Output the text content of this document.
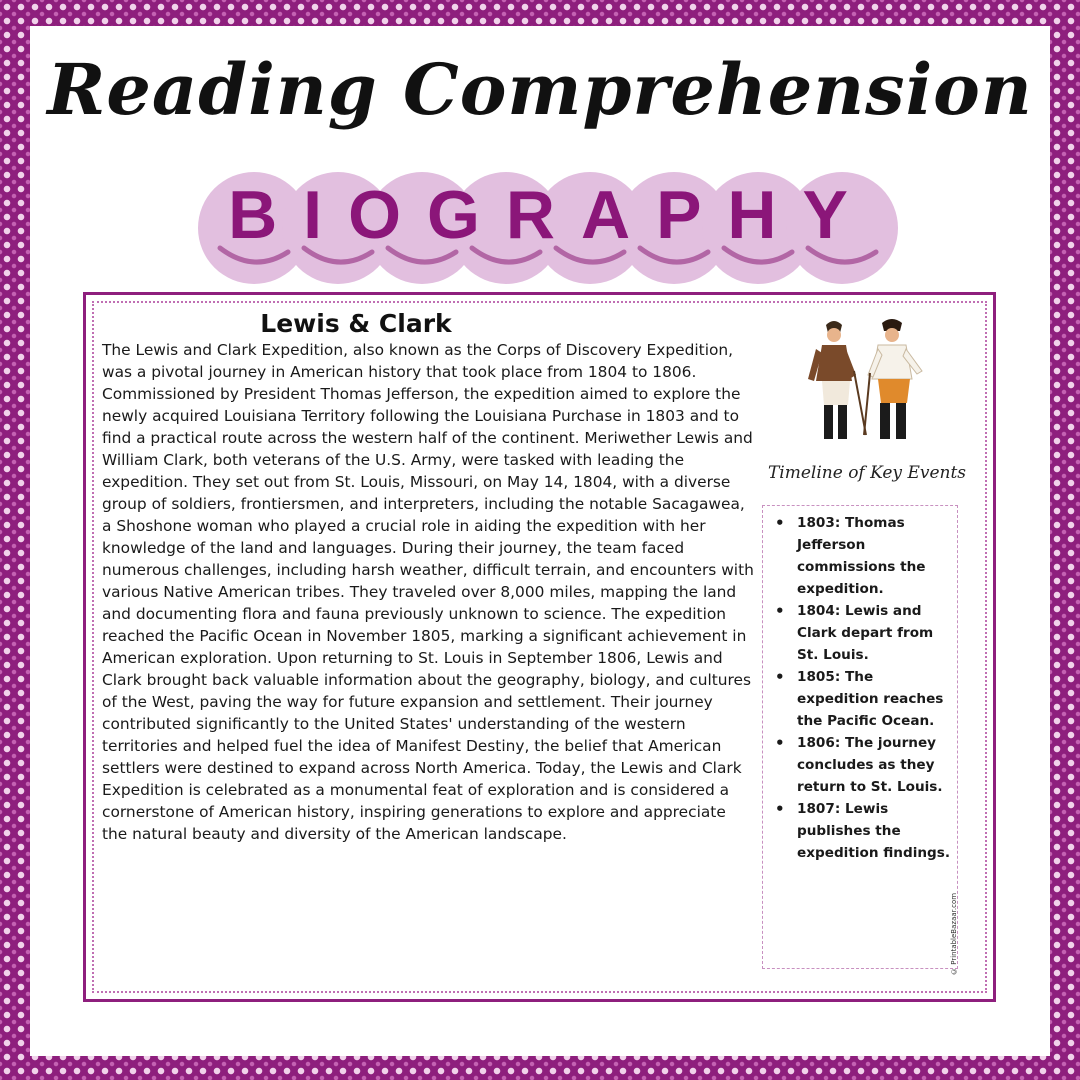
Reading Comprehension
BIOGRAPHY
Lewis & Clark

The Lewis and Clark Expedition, also known as the Corps of Discovery Expedition, was a pivotal journey in American history that took place from 1804 to 1806. Commissioned by President Thomas Jefferson, the expedition aimed to explore the newly acquired Louisiana Territory following the Louisiana Purchase in 1803 and to find a practical route across the western half of the continent. Meriwether Lewis and William Clark, both veterans of the U.S. Army, were tasked with leading the expedition. They set out from St. Louis, Missouri, on May 14, 1804, with a diverse group of soldiers, frontiersmen, and interpreters, including the notable Sacagawea, a Shoshone woman who played a crucial role in aiding the expedition with her knowledge of the land and languages. During their journey, the team faced numerous challenges, including harsh weather, difficult terrain, and encounters with various Native American tribes. They traveled over 8,000 miles, mapping the land and documenting flora and fauna previously unknown to science. The expedition reached the Pacific Ocean in November 1805, marking a significant achievement in American exploration. Upon returning to St. Louis in September 1806, Lewis and Clark brought back valuable information about the geography, biology, and cultures of the West, paving the way for future expansion and settlement. Their journey contributed significantly to the United States' understanding of the western territories and helped fuel the idea of Manifest Destiny, the belief that American settlers were destined to expand across North America. Today, the Lewis and Clark Expedition is celebrated as a monumental feat of exploration and is considered a cornerstone of American history, inspiring generations to explore and appreciate the natural beauty and diversity of the American landscape.

Timeline of Key Events
• 1803: Thomas Jefferson commissions the expedition.
• 1804: Lewis and Clark depart from St. Louis.
• 1805: The expedition reaches the Pacific Ocean.
• 1806: The journey concludes as they return to St. Louis.
• 1807: Lewis publishes the expedition findings.
© PrintableBazaar.com
